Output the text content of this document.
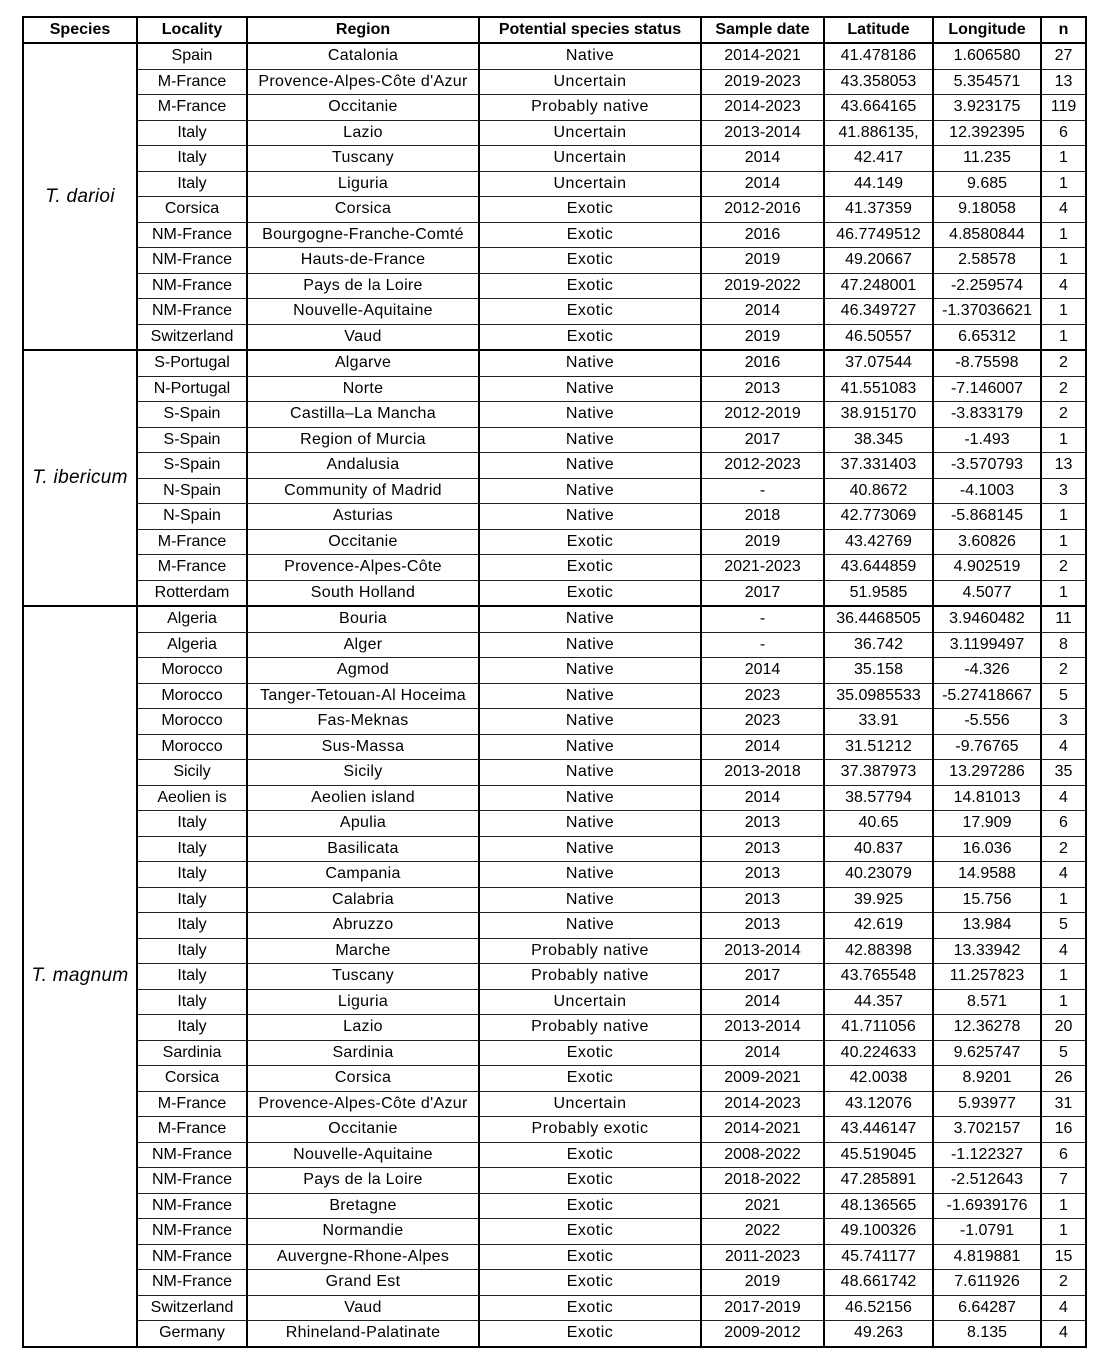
Species	Locality	Region	Potential species status	Sample date	Latitude	Longitude	n
T. darioi	Spain	Catalonia	Native	2014-2021	41.478186	1.606580	27
	M-France	Provence-Alpes-Côte d'Azur	Uncertain	2019-2023	43.358053	5.354571	13
	M-France	Occitanie	Probably native	2014-2023	43.664165	3.923175	119
	Italy	Lazio	Uncertain	2013-2014	41.886135,	12.392395	6
	Italy	Tuscany	Uncertain	2014	42.417	11.235	1
	Italy	Liguria	Uncertain	2014	44.149	9.685	1
	Corsica	Corsica	Exotic	2012-2016	41.37359	9.18058	4
	NM-France	Bourgogne-Franche-Comté	Exotic	2016	46.7749512	4.8580844	1
	NM-France	Hauts-de-France	Exotic	2019	49.20667	2.58578	1
	NM-France	Pays de la Loire	Exotic	2019-2022	47.248001	-2.259574	4
	NM-France	Nouvelle-Aquitaine	Exotic	2014	46.349727	-1.37036621	1
	Switzerland	Vaud	Exotic	2019	46.50557	6.65312	1
T. ibericum	S-Portugal	Algarve	Native	2016	37.07544	-8.75598	2
	N-Portugal	Norte	Native	2013	41.551083	-7.146007	2
	S-Spain	Castilla–La Mancha	Native	2012-2019	38.915170	-3.833179	2
	S-Spain	Region of Murcia	Native	2017	38.345	-1.493	1
	S-Spain	Andalusia	Native	2012-2023	37.331403	-3.570793	13
	N-Spain	Community of Madrid	Native	-	40.8672	-4.1003	3
	N-Spain	Asturias	Native	2018	42.773069	-5.868145	1
	M-France	Occitanie	Exotic	2019	43.42769	3.60826	1
	M-France	Provence-Alpes-Côte	Exotic	2021-2023	43.644859	4.902519	2
	Rotterdam	South Holland	Exotic	2017	51.9585	4.5077	1
T. magnum	Algeria	Bouria	Native	-	36.4468505	3.9460482	11
	Algeria	Alger	Native	-	36.742	3.1199497	8
	Morocco	Agmod	Native	2014	35.158	-4.326	2
	Morocco	Tanger-Tetouan-Al Hoceima	Native	2023	35.0985533	-5.27418667	5
	Morocco	Fas-Meknas	Native	2023	33.91	-5.556	3
	Morocco	Sus-Massa	Native	2014	31.51212	-9.76765	4
	Sicily	Sicily	Native	2013-2018	37.387973	13.297286	35
	Aeolien is	Aeolien island	Native	2014	38.57794	14.81013	4
	Italy	Apulia	Native	2013	40.65	17.909	6
	Italy	Basilicata	Native	2013	40.837	16.036	2
	Italy	Campania	Native	2013	40.23079	14.9588	4
	Italy	Calabria	Native	2013	39.925	15.756	1
	Italy	Abruzzo	Native	2013	42.619	13.984	5
	Italy	Marche	Probably native	2013-2014	42.88398	13.33942	4
	Italy	Tuscany	Probably native	2017	43.765548	11.257823	1
	Italy	Liguria	Uncertain	2014	44.357	8.571	1
	Italy	Lazio	Probably native	2013-2014	41.711056	12.36278	20
	Sardinia	Sardinia	Exotic	2014	40.224633	9.625747	5
	Corsica	Corsica	Exotic	2009-2021	42.0038	8.9201	26
	M-France	Provence-Alpes-Côte d'Azur	Uncertain	2014-2023	43.12076	5.93977	31
	M-France	Occitanie	Probably exotic	2014-2021	43.446147	3.702157	16
	NM-France	Nouvelle-Aquitaine	Exotic	2008-2022	45.519045	-1.122327	6
	NM-France	Pays de la Loire	Exotic	2018-2022	47.285891	-2.512643	7
	NM-France	Bretagne	Exotic	2021	48.136565	-1.6939176	1
	NM-France	Normandie	Exotic	2022	49.100326	-1.0791	1
	NM-France	Auvergne-Rhone-Alpes	Exotic	2011-2023	45.741177	4.819881	15
	NM-France	Grand Est	Exotic	2019	48.661742	7.611926	2
	Switzerland	Vaud	Exotic	2017-2019	46.52156	6.64287	4
	Germany	Rhineland-Palatinate	Exotic	2009-2012	49.263	8.135	4
